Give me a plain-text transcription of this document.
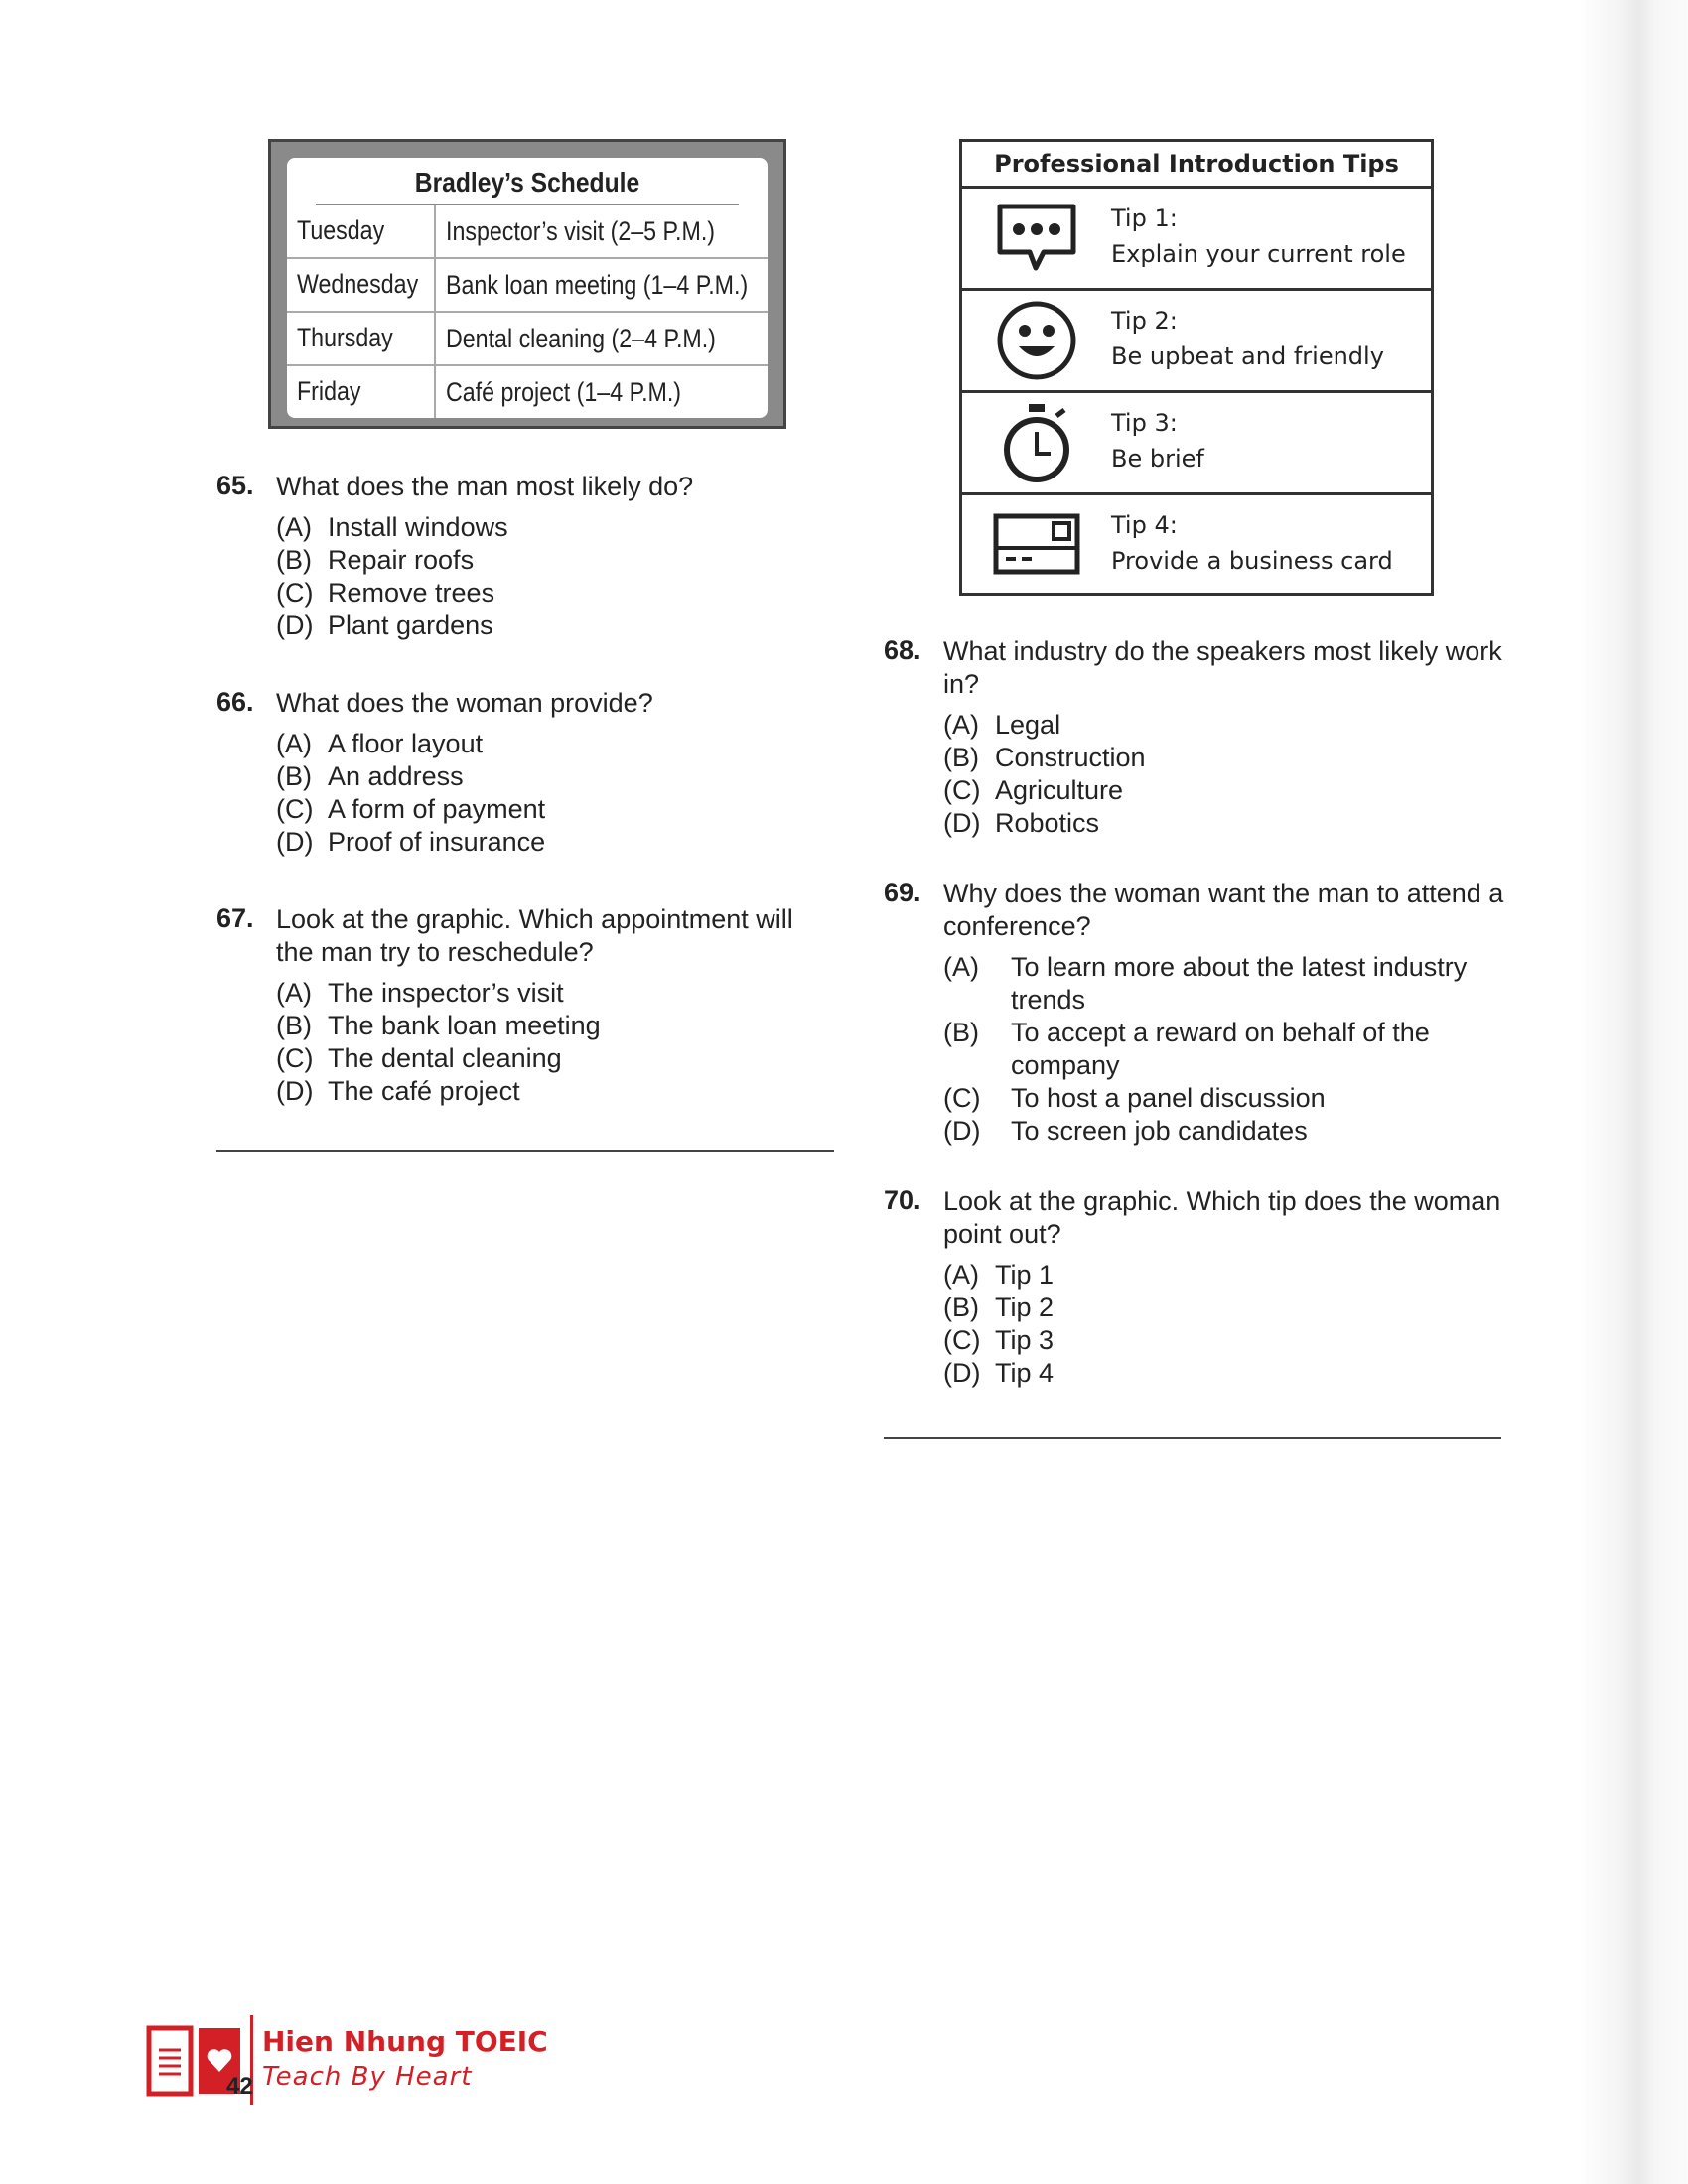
Bradley’s Schedule
Tuesday	Inspector’s visit (2–5 P.M.)
Wednesday	Bank loan meeting (1–4 P.M.)
Thursday	Dental cleaning (2–4 P.M.)
Friday	Café project (1–4 P.M.)
65. What does the man most likely do?
(A) Install windows
(B) Repair roofs
(C) Remove trees
(D) Plant gardens
66. What does the woman provide?
(A) A floor layout
(B) An address
(C) A form of payment
(D) Proof of insurance
67. Look at the graphic. Which appointment will the man try to reschedule?
(A) The inspector’s visit
(B) The bank loan meeting
(C) The dental cleaning
(D) The café project
Professional Introduction Tips
Tip 1:
Explain your current role
Tip 2:
Be upbeat and friendly
Tip 3:
Be brief
Tip 4:
Provide a business card
68. What industry do the speakers most likely work in?
(A) Legal
(B) Construction
(C) Agriculture
(D) Robotics
69. Why does the woman want the man to attend a conference?
(A) To learn more about the latest industry trends
(B) To accept a reward on behalf of the company
(C) To host a panel discussion
(D) To screen job candidates
70. Look at the graphic. Which tip does the woman point out?
(A) Tip 1
(B) Tip 2
(C) Tip 3
(D) Tip 4
Hien Nhung TOEIC
Teach By Heart
42
